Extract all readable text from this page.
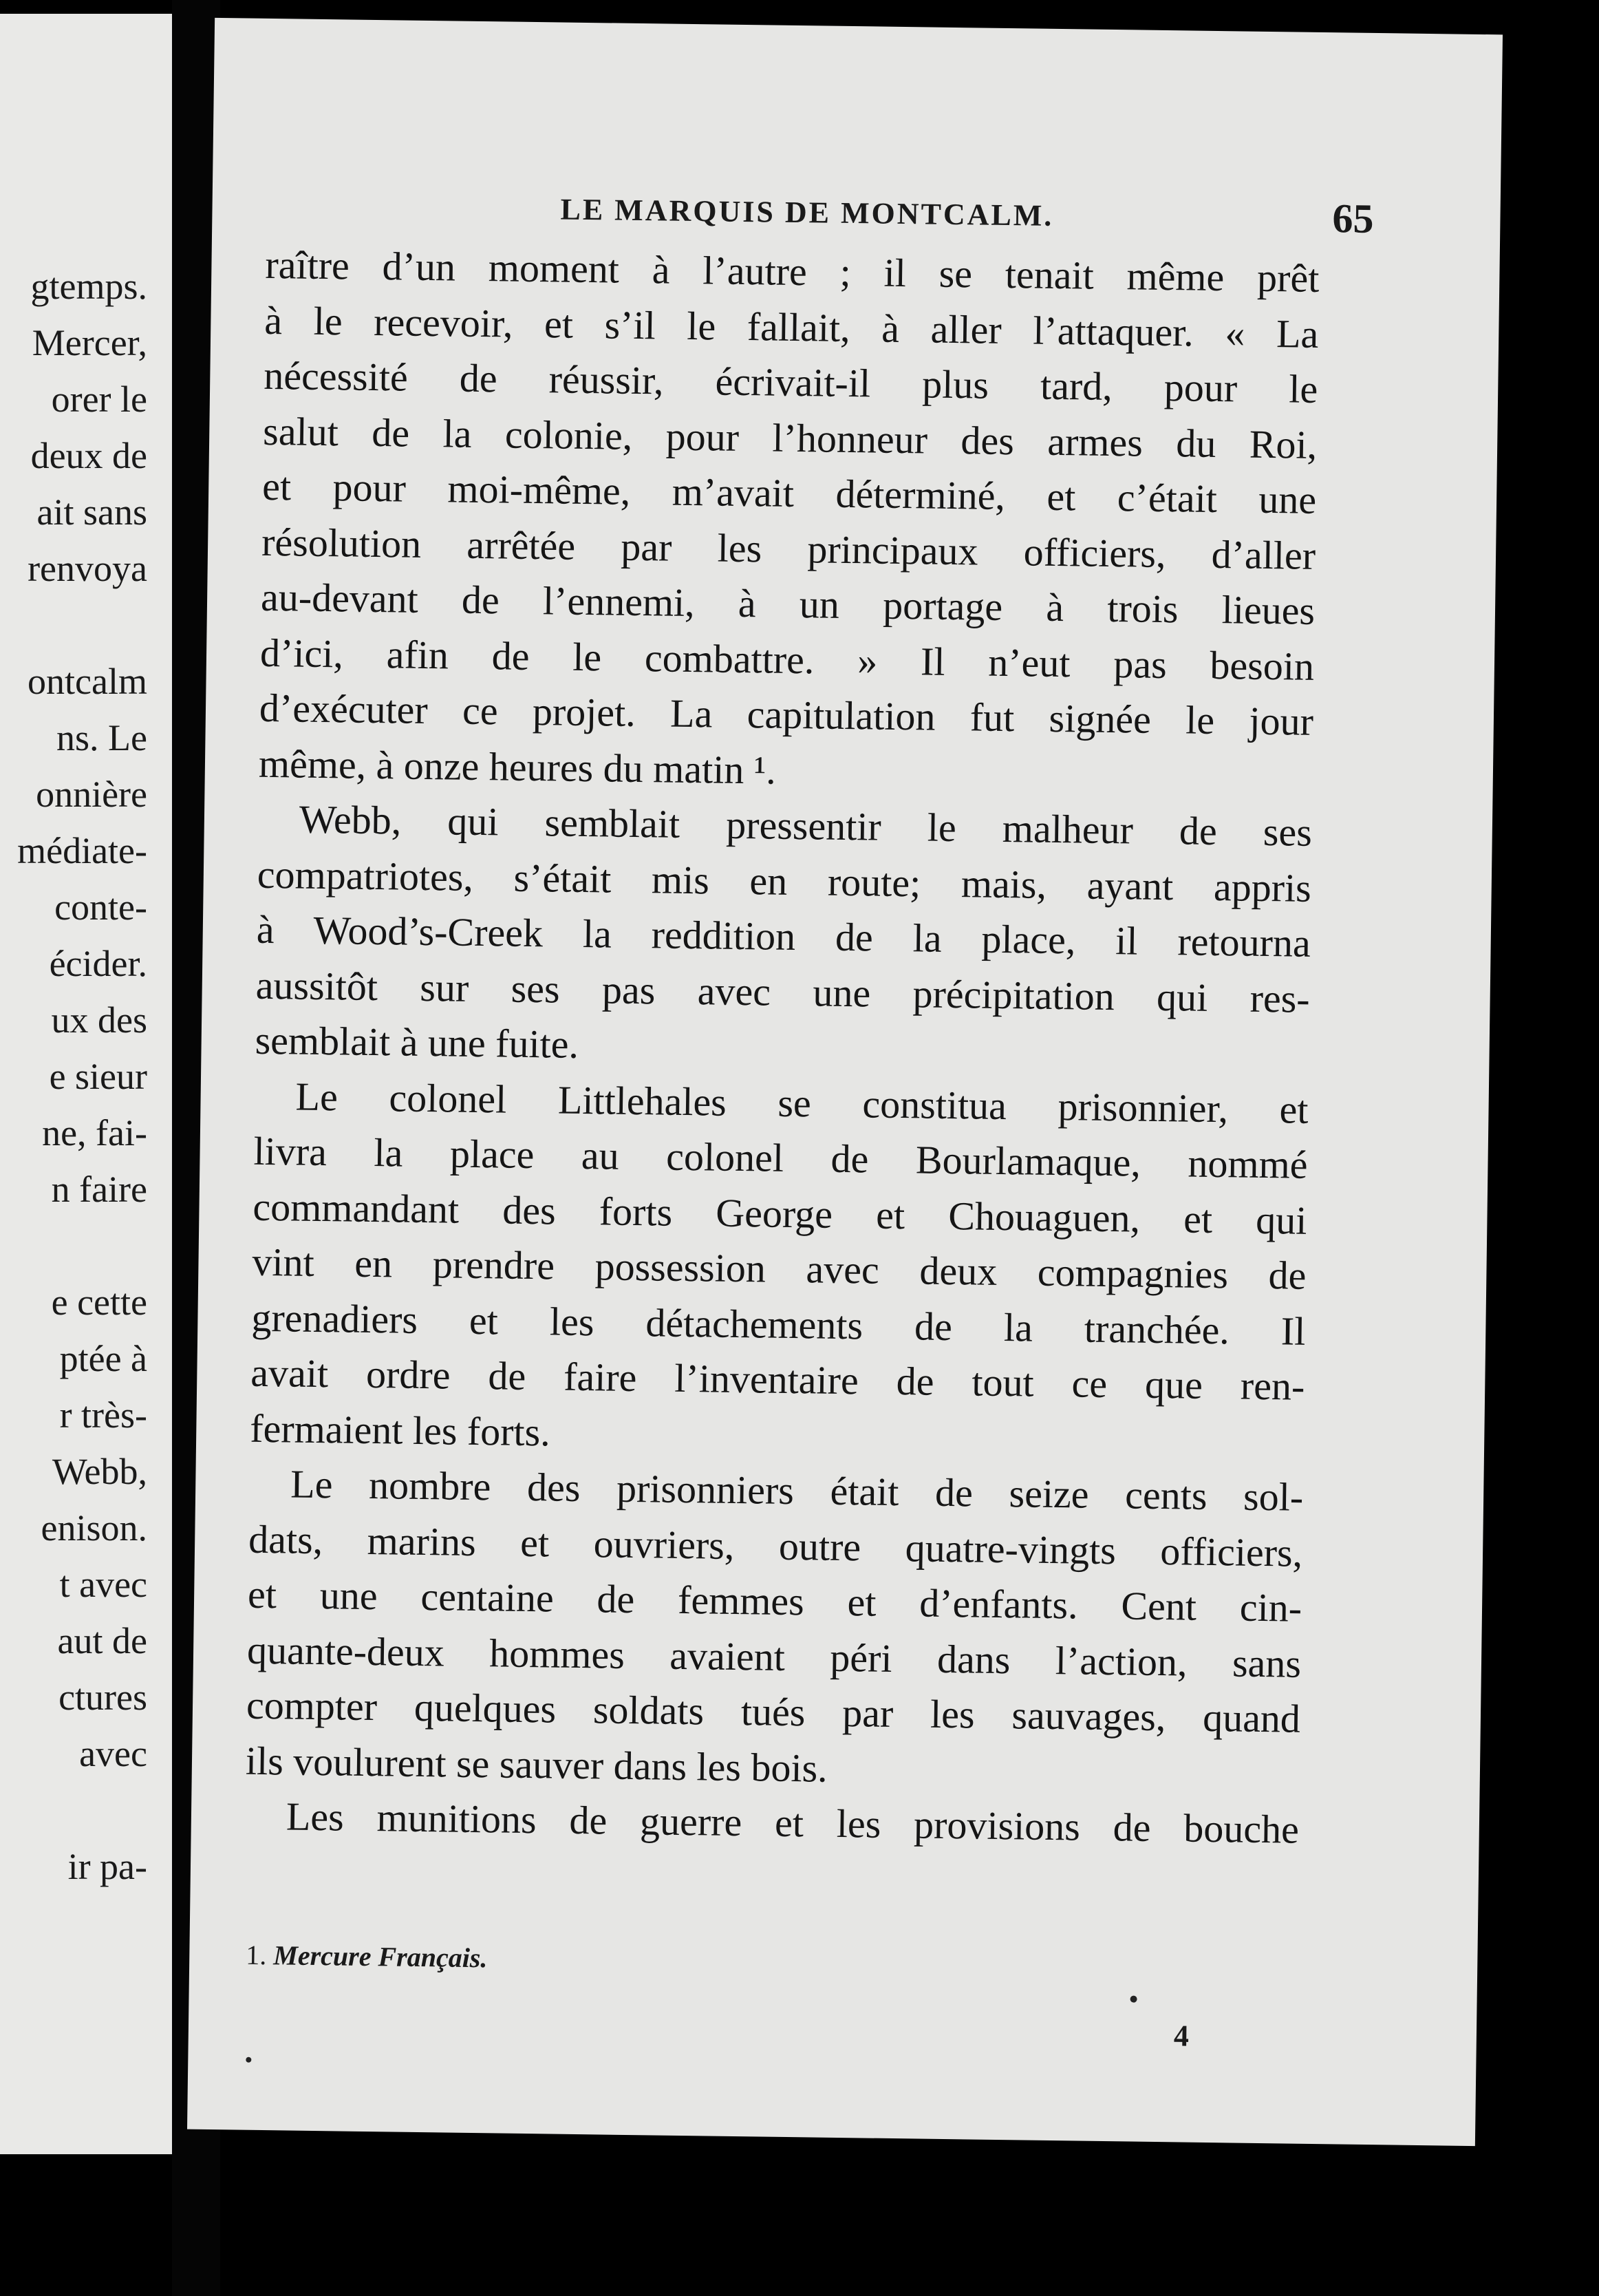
gtemps.
Mercer,
orer le
deux de
ait sans
renvoya
ontcalm
ns. Le
onnière
médiate-
conte-
écider.
ux des
e sieur
ne, fai-
n faire
e cette
ptée à
r très-
Webb,
enison.
t avec
aut de
ctures
avec
ir pa-
LE MARQUIS DE MONTCALM.	65
raître d’un moment à l’autre ; il se tenait même prêt
à le recevoir, et s’il le fallait, à aller l’attaquer. « La
nécessité de réussir, écrivait-il plus tard, pour le
salut de la colonie, pour l’honneur des armes du Roi,
et pour moi-même, m’avait déterminé, et c’était une
résolution arrêtée par les principaux officiers, d’aller
au-devant de l’ennemi, à un portage à trois lieues
d’ici, afin de le combattre. » Il n’eut pas besoin
d’exécuter ce projet. La capitulation fut signée le jour
même, à onze heures du matin ¹.
Webb, qui semblait pressentir le malheur de ses
compatriotes, s’était mis en route; mais, ayant appris
à Wood’s-Creek la reddition de la place, il retourna
aussitôt sur ses pas avec une précipitation qui res-
semblait à une fuite.
Le colonel Littlehales se constitua prisonnier, et
livra la place au colonel de Bourlamaque, nommé
commandant des forts George et Chouaguen, et qui
vint en prendre possession avec deux compagnies de
grenadiers et les détachements de la tranchée. Il
avait ordre de faire l’inventaire de tout ce que ren-
fermaient les forts.
Le nombre des prisonniers était de seize cents sol-
dats, marins et ouvriers, outre quatre-vingts officiers,
et une centaine de femmes et d’enfants. Cent cin-
quante-deux hommes avaient péri dans l’action, sans
compter quelques soldats tués par les sauvages, quand
ils voulurent se sauver dans les bois.
Les munitions de guerre et les provisions de bouche
1. Mercure Français.
4
